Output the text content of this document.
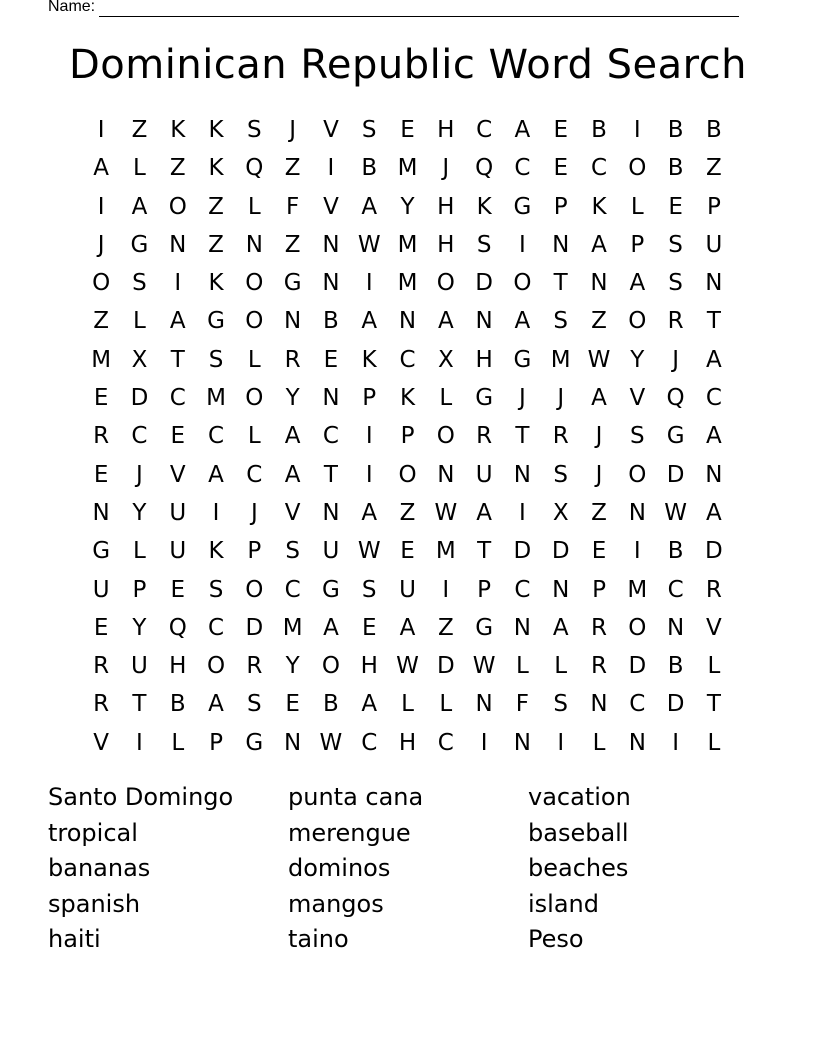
Name:
Dominican Republic Word Search
I	Z K	K	S	J	V	S	E H C A	E	B	I	B B
A	L	Z K Q Z	I	B M	J	Q C	E C O B Z
I	A O Z	L	F	V A	Y H K G P	K	L	E	P
J	G N Z N Z N W M H S	I	N A	P	S U
O S	I	K O G N	I	M O D O T N A	S N
Z	L	A G O N B A N A N A	S	Z O R	T
M X	T	S	L	R	E	K C X H G M W Y	J	A
E D C M O Y N P	K	L G	J	J	A V Q C
R C	E C	L	A C	I	P O R	T	R	J	S G A
E	J	V A C A	T	I	O N U N S	J	O D N
N Y U	I	J	V N A Z W A	I	X Z N W A
G L	U K	P	S U W E M T D D E	I	B D
U P	E	S O C G S U	I	P	C N P M C R
E	Y Q C D M A	E	A Z G N A R O N V
R U H O R	Y O H W D W L	L	R D B	L
R	T	B A	S	E	B A	L	L	N	F	S N C D T
V	I	L	P G N W C H C	I	N	I	L	N	I	L
Santo Domingo	punta cana	vacation
tropical	merengue	baseball
bananas	dominos	beaches
spanish	mangos	island
haiti	taino	Peso
